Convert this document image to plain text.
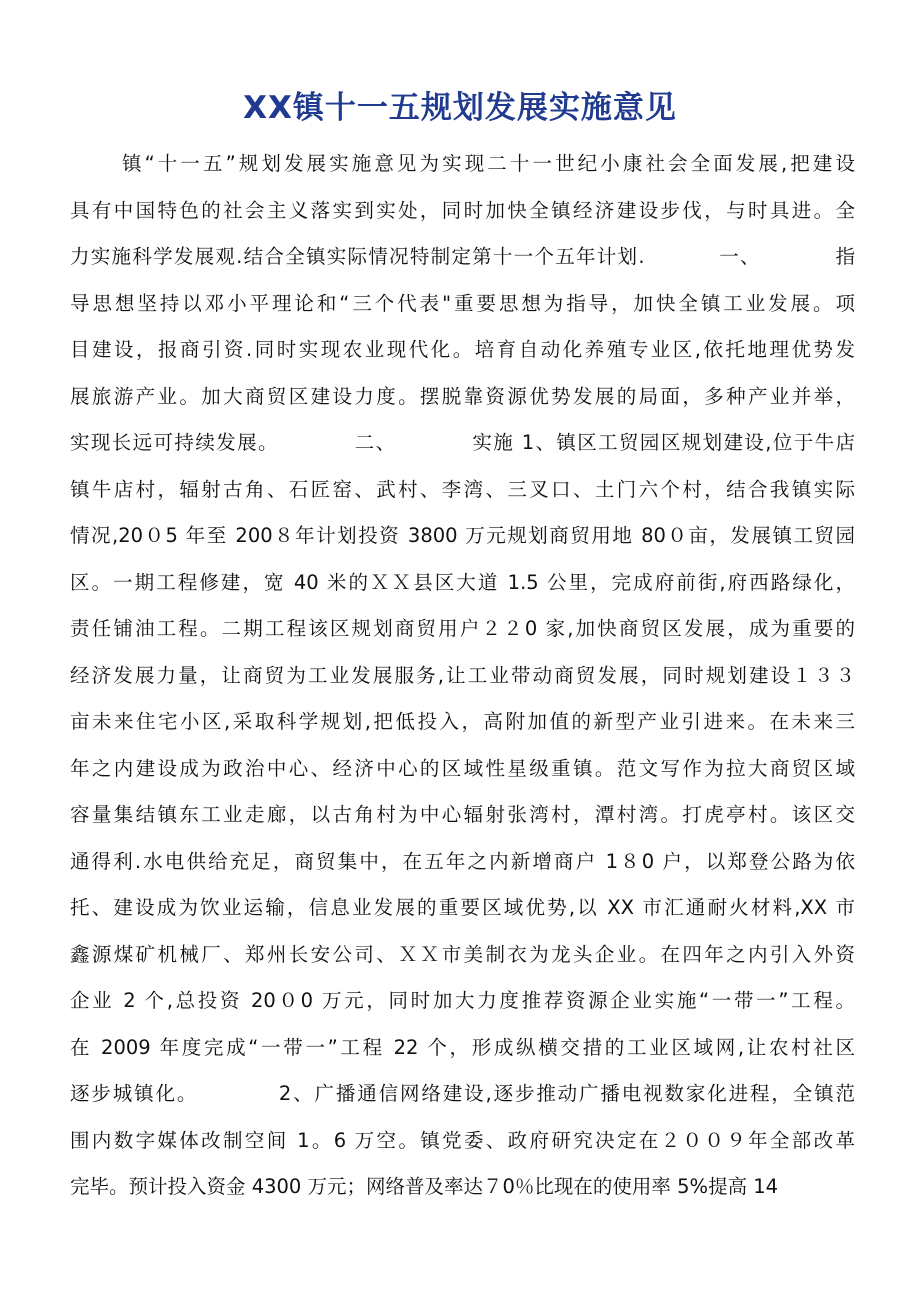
XX镇十一五规划发展实施意见
镇“十一五”规划发展实施意见为实现二十一世纪小康社会全面发展,把建设
具有中国特色的社会主义落实到实处，同时加快全镇经济建设步伐，与时具进。全
力实施科学发展观.结合全镇实际情况特制定第十一个五年计划.          一、          指
导思想坚持以邓小平理论和“三个代表"重要思想为指导，加快全镇工业发展。项
目建设，报商引资.同时实现农业现代化。培育自动化养殖专业区,依托地理优势发
展旅游产业。加大商贸区建设力度。摆脱靠资源优势发展的局面，多种产业并举，
实现长远可持续发展。          二、          实施 1、镇区工贸园区规划建设,位于牛店
镇牛店村，辐射古角、石匠窑、武村、李湾、三叉口、土门六个村，结合我镇实际
情况,20０5 年至 200８年计划投资 3800 万元规划商贸用地 80０亩，发展镇工贸园
区。一期工程修建，宽 40 米的ＸＸ县区大道 1.5 公里，完成府前街,府西路绿化，
责任铺油工程。二期工程该区规划商贸用户２２0 家,加快商贸区发展，成为重要的
经济发展力量，让商贸为工业发展服务,让工业带动商贸发展，同时规划建设１３３
亩未来住宅小区,采取科学规划,把低投入，高附加值的新型产业引进来。在未来三
年之内建设成为政治中心、经济中心的区域性星级重镇。范文写作为拉大商贸区域
容量集结镇东工业走廊，以古角村为中心辐射张湾村，潭村湾。打虎亭村。该区交
通得利.水电供给充足，商贸集中，在五年之内新增商户 1８0 户，以郑登公路为依
托、建设成为饮业运输，信息业发展的重要区域优势,以 XX 市汇通耐火材料,XX 市
鑫源煤矿机械厂、郑州长安公司、ＸＸ市美制衣为龙头企业。在四年之内引入外资
企业 2 个,总投资 20０0 万元，同时加大力度推荐资源企业实施“一带一”工程。
在 2009 年度完成“一带一”工程 22 个，形成纵横交措的工业区域网,让农村社区
逐步城镇化。          2、广播通信网络建设,逐步推动广播电视数家化进程，全镇范
围内数字媒体改制空间 1。6 万空。镇党委、政府研究决定在２００９年全部改革
完毕。预计投入资金 4300 万元；网络普及率达７0％比现在的使用率 5%提高 14
